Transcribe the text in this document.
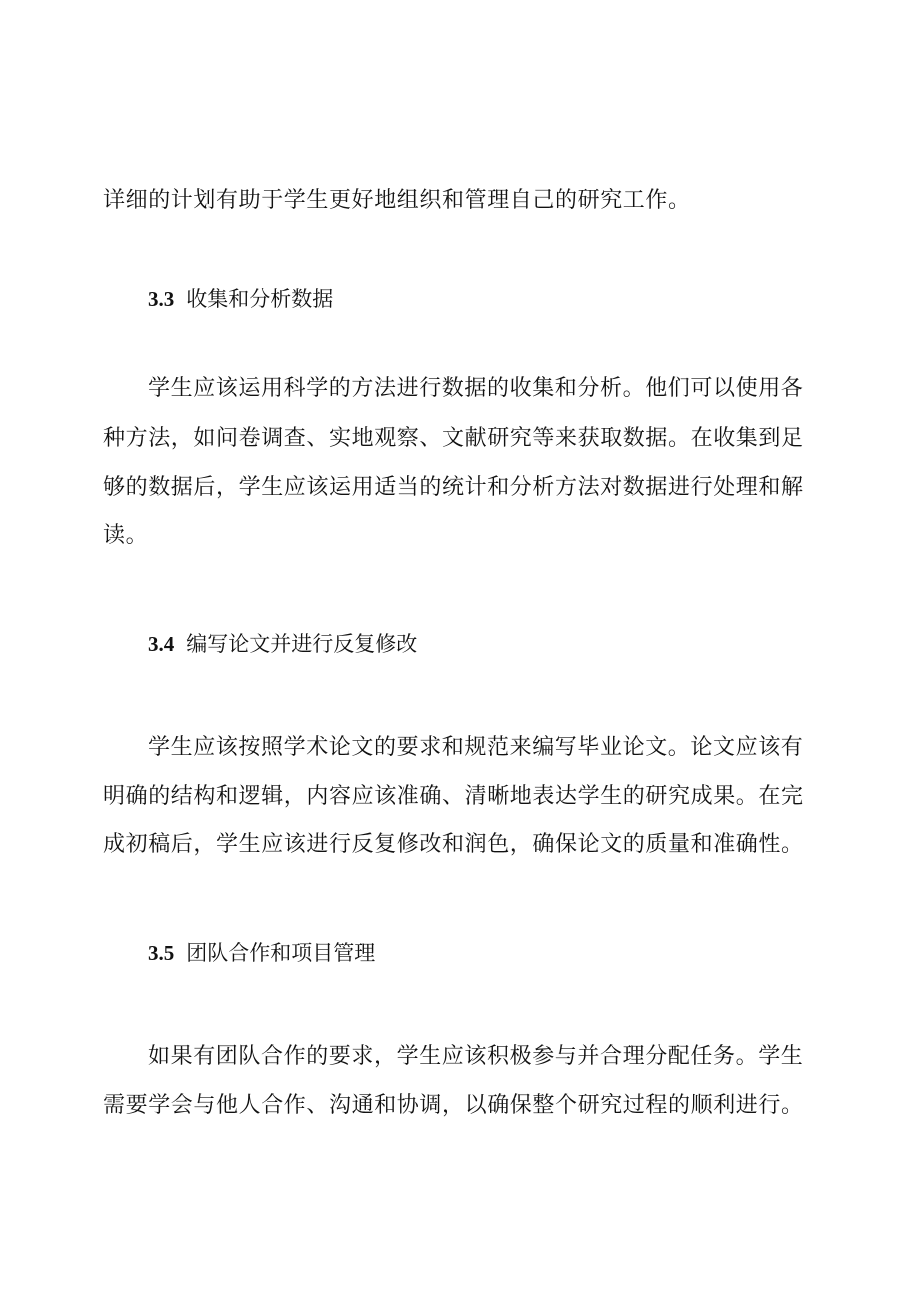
详细的计划有助于学生更好地组织和管理自己的研究工作。
3.3 收集和分析数据
学生应该运用科学的方法进行数据的收集和分析。他们可以使用各
种方法，如问卷调查、实地观察、文献研究等来获取数据。在收集到足
够的数据后，学生应该运用适当的统计和分析方法对数据进行处理和解
读。
3.4 编写论文并进行反复修改
学生应该按照学术论文的要求和规范来编写毕业论文。论文应该有
明确的结构和逻辑，内容应该准确、清晰地表达学生的研究成果。在完
成初稿后，学生应该进行反复修改和润色，确保论文的质量和准确性。
3.5 团队合作和项目管理
如果有团队合作的要求，学生应该积极参与并合理分配任务。学生
需要学会与他人合作、沟通和协调，以确保整个研究过程的顺利进行。
